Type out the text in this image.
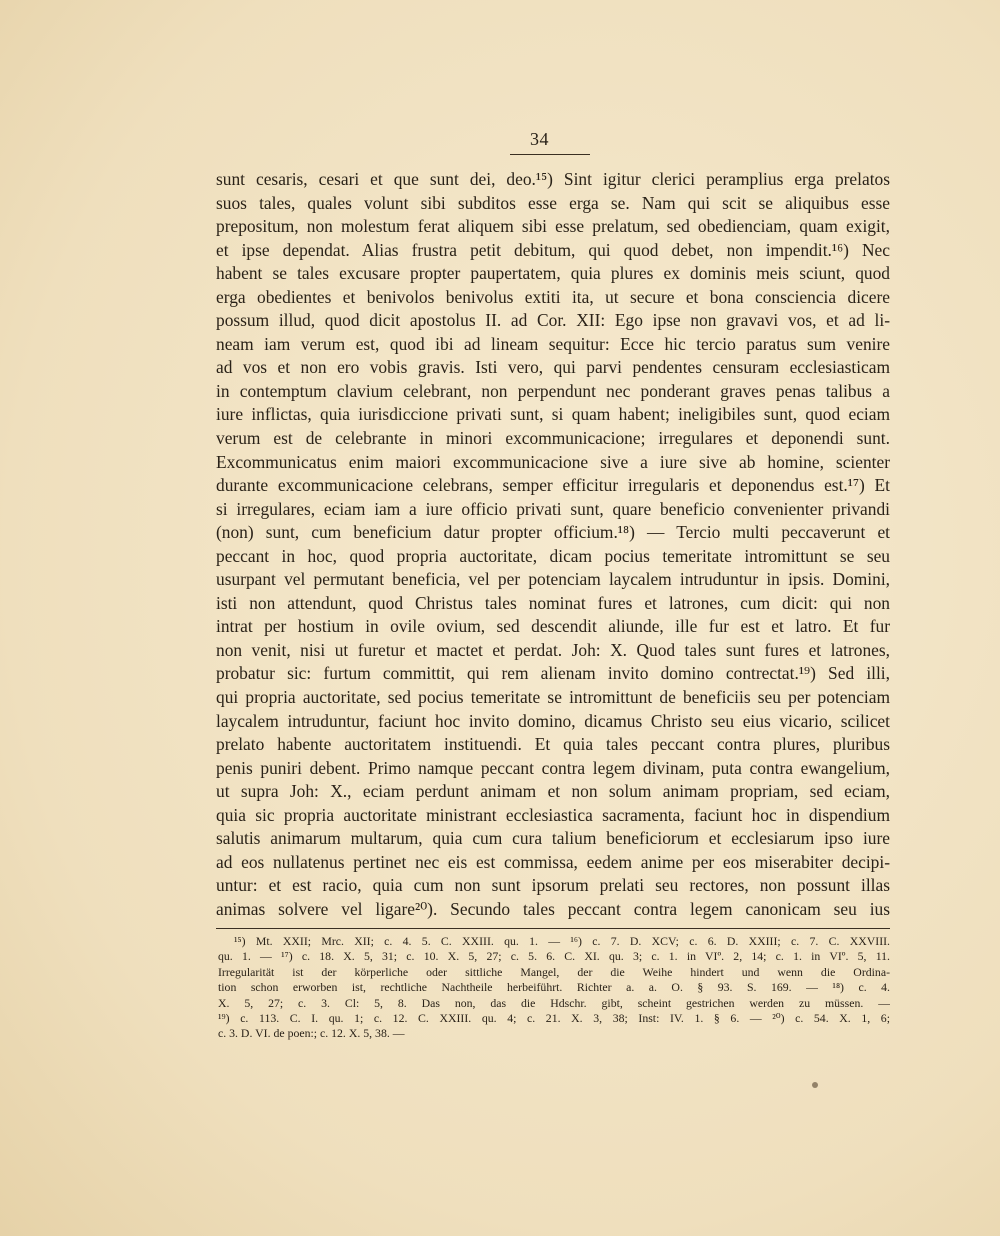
34
sunt cesaris, cesari et que sunt dei, deo.¹⁵) Sint igitur clerici peramplius erga prelatos
suos tales, quales volunt sibi subditos esse erga se. Nam qui scit se aliquibus esse
prepositum, non molestum ferat aliquem sibi esse prelatum, sed obedienciam, quam exigit,
et ipse dependat. Alias frustra petit debitum, qui quod debet, non impendit.¹⁶) Nec
habent se tales excusare propter paupertatem, quia plures ex dominis meis sciunt, quod
erga obedientes et benivolos benivolus extiti ita, ut secure et bona consciencia dicere
possum illud, quod dicit apostolus II. ad Cor. XII: Ego ipse non gravavi vos, et ad li-
neam iam verum est, quod ibi ad lineam sequitur: Ecce hic tercio paratus sum venire
ad vos et non ero vobis gravis. Isti vero, qui parvi pendentes censuram ecclesiasticam
in contemptum clavium celebrant, non perpendunt nec ponderant graves penas talibus a
iure inflictas, quia iurisdiccione privati sunt, si quam habent; ineligibiles sunt, quod eciam
verum est de celebrante in minori excommunicacione; irregulares et deponendi sunt.
Excommunicatus enim maiori excommunicacione sive a iure sive ab homine, scienter
durante excommunicacione celebrans, semper efficitur irregularis et deponendus est.¹⁷) Et
si irregulares, eciam iam a iure officio privati sunt, quare beneficio convenienter privandi
(non) sunt, cum beneficium datur propter officium.¹⁸) — Tercio multi peccaverunt et
peccant in hoc, quod propria auctoritate, dicam pocius temeritate intromittunt se seu
usurpant vel permutant beneficia, vel per potenciam laycalem intruduntur in ipsis. Domini,
isti non attendunt, quod Christus tales nominat fures et latrones, cum dicit: qui non
intrat per hostium in ovile ovium, sed descendit aliunde, ille fur est et latro. Et fur
non venit, nisi ut furetur et mactet et perdat. Joh: X. Quod tales sunt fures et latrones,
probatur sic: furtum committit, qui rem alienam invito domino contrectat.¹⁹) Sed illi,
qui propria auctoritate, sed pocius temeritate se intromittunt de beneficiis seu per potenciam
laycalem intruduntur, faciunt hoc invito domino, dicamus Christo seu eius vicario, scilicet
prelato habente auctoritatem instituendi. Et quia tales peccant contra plures, pluribus
penis puniri debent. Primo namque peccant contra legem divinam, puta contra ewangelium,
ut supra Joh: X., eciam perdunt animam et non solum animam propriam, sed eciam,
quia sic propria auctoritate ministrant ecclesiastica sacramenta, faciunt hoc in dispendium
salutis animarum multarum, quia cum cura talium beneficiorum et ecclesiarum ipso iure
ad eos nullatenus pertinet nec eis est commissa, eedem anime per eos miserabiter decipi-
untur: et est racio, quia cum non sunt ipsorum prelati seu rectores, non possunt illas
animas solvere vel ligare²⁰). Secundo tales peccant contra legem canonicam seu ius
¹⁵) Mt. XXII; Mrc. XII; c. 4. 5. C. XXIII. qu. 1. — ¹⁶) c. 7. D. XCV; c. 6. D. XXIII; c. 7. C. XXVIII.
qu. 1. — ¹⁷) c. 18. X. 5, 31; c. 10. X. 5, 27; c. 5. 6. C. XI. qu. 3; c. 1. in VIº. 2, 14; c. 1. in VIº. 5, 11.
Irregularität ist der körperliche oder sittliche Mangel, der die Weihe hindert und wenn die Ordina-
tion schon erworben ist, rechtliche Nachtheile herbeiführt. Richter a. a. O. § 93. S. 169. — ¹⁸) c. 4.
X. 5, 27; c. 3. Cl: 5, 8. Das non, das die Hdschr. gibt, scheint gestrichen werden zu müssen. —
¹⁹) c. 113. C. I. qu. 1; c. 12. C. XXIII. qu. 4; c. 21. X. 3, 38; Inst: IV. 1. § 6. — ²⁰) c. 54. X. 1, 6;
c. 3. D. VI. de poen:; c. 12. X. 5, 38. —
